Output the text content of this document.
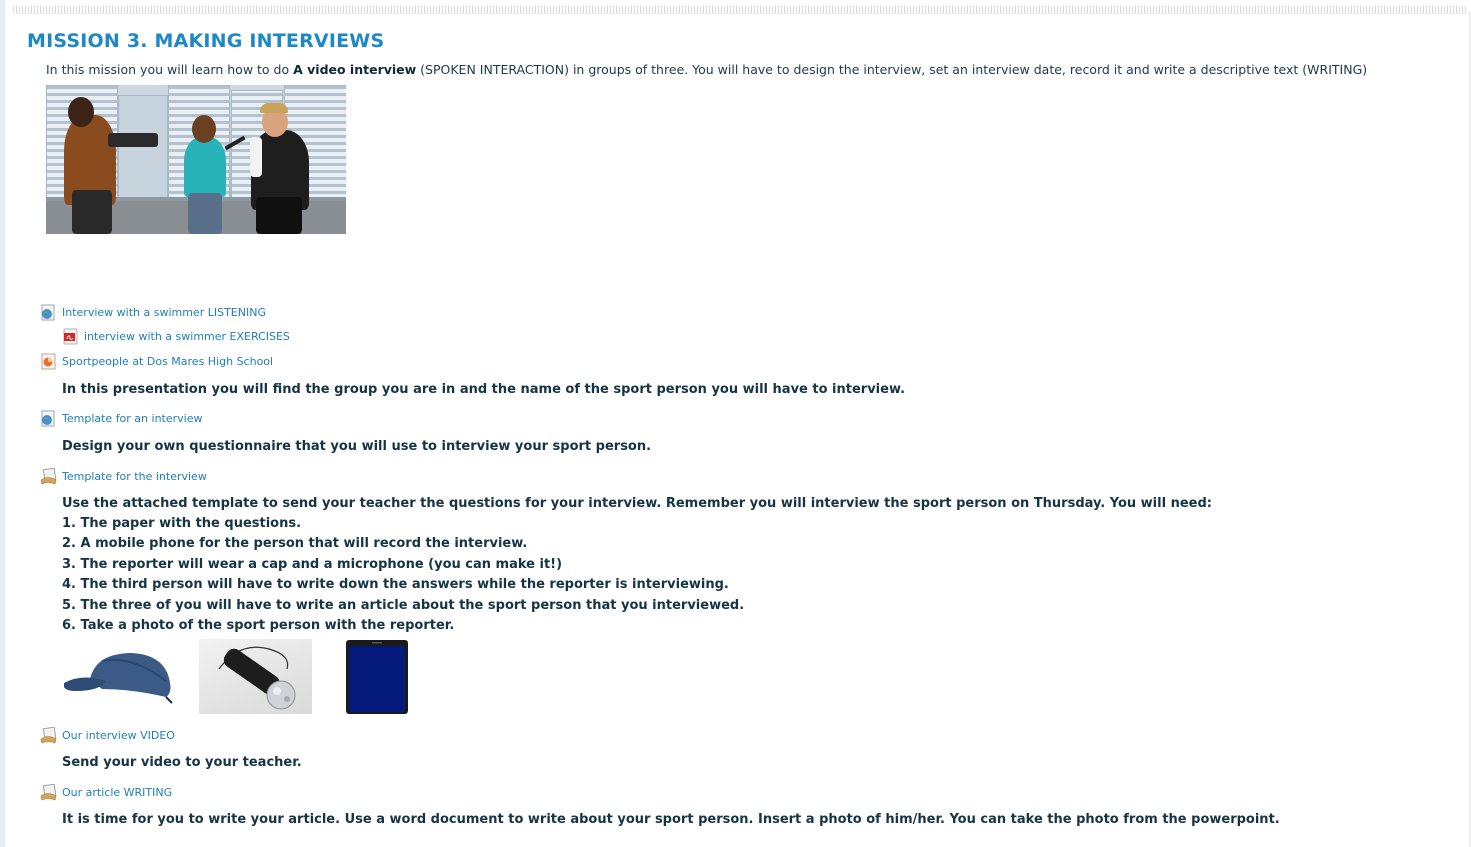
MISSION 3. MAKING INTERVIEWS
In this mission you will learn how to do A video interview (SPOKEN INTERACTION) in groups of three. You will have to design the interview, set an interview date, record it and write a descriptive text (WRITING)
Interview with a swimmer LISTENING
interview with a swimmer EXERCISES
Sportpeople at Dos Mares High School
In this presentation you will find the group you are in and the name of the sport person you will have to interview.
Template for an interview
Design your own questionnaire that you will use to interview your sport person.
Template for the interview
Use the attached template to send your teacher the questions for your interview. Remember you will interview the sport person on Thursday. You will need:
1. The paper with the questions.
2. A mobile phone for the person that will record the interview.
3. The reporter will wear a cap and a microphone (you can make it!)
4. The third person will have to write down the answers while the reporter is interviewing.
5. The three of you will have to write an article about the sport person that you interviewed.
6. Take a photo of the sport person with the reporter.
Our interview VIDEO
Send your video to your teacher.
Our article WRITING
It is time for you to write your article. Use a word document to write about your sport person. Insert a photo of him/her. You can take the photo from the powerpoint.
